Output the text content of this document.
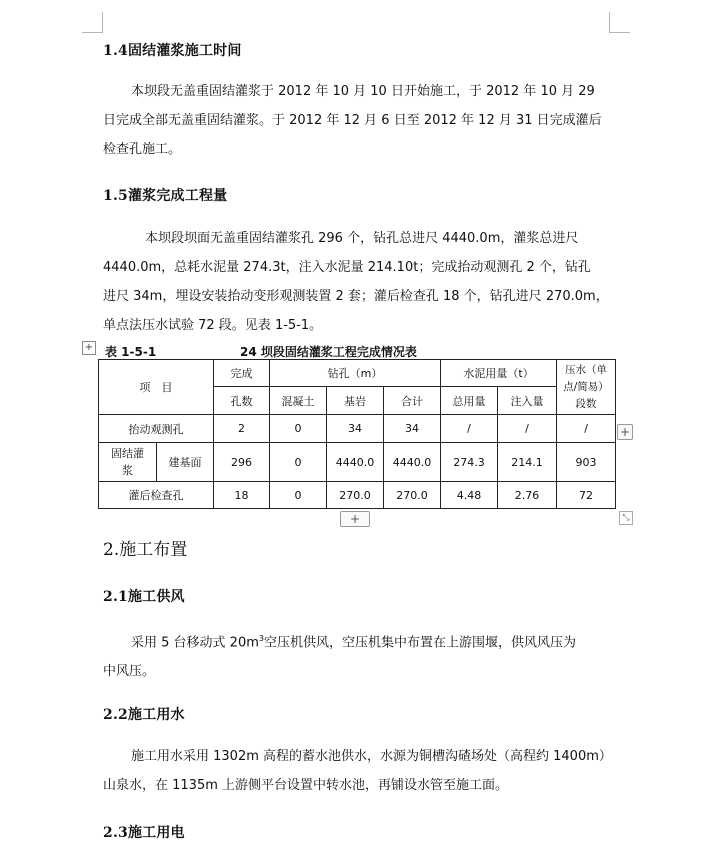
1.4固结灌浆施工时间
本坝段无盖重固结灌浆于 2012 年 10 月 10 日开始施工，于 2012 年 10 月 29
日完成全部无盖重固结灌浆。于 2012 年 12 月 6 日至 2012 年 12 月 31 日完成灌后
检查孔施工。
1.5灌浆完成工程量
本坝段坝面无盖重固结灌浆孔 296 个，钻孔总进尺 4440.0m，灌浆总进尺
4440.0m，总耗水泥量 274.3t，注入水泥量 214.10t；完成抬动观测孔 2 个，钻孔
进尺 34m，埋设安装抬动变形观测装置 2 套；灌后检查孔 18 个，钻孔进尺 270.0m，
单点法压水试验 72 段。见表 1-5-1。
+ 表 1-5-1	24 坝段固结灌浆工程完成情况表
项　目		完成	钻孔（m）			水泥用量（t）		压水（单点/简易）段数
		孔数	混凝土	基岩	合计	总用量	注入量	
抬动观测孔		2	0	34	34	/	/	/
固结灌浆	建基面	296	0	4440.0	4440.0	274.3	214.1	903
灌后检查孔		18	0	270.0	270.0	4.48	2.76	72
+
+	⤡
2.施工布置
2.1施工供风
采用 5 台移动式 $20m^3$空压机供风，空压机集中布置在上游围堰，供风风压为
中风压。
2.2施工用水
施工用水采用 1302m 高程的蓄水池供水，水源为铜槽沟碴场处（高程约 1400m）
山泉水，在 1135m 上游侧平台设置中转水池，再铺设水管至施工面。
2.3施工用电
